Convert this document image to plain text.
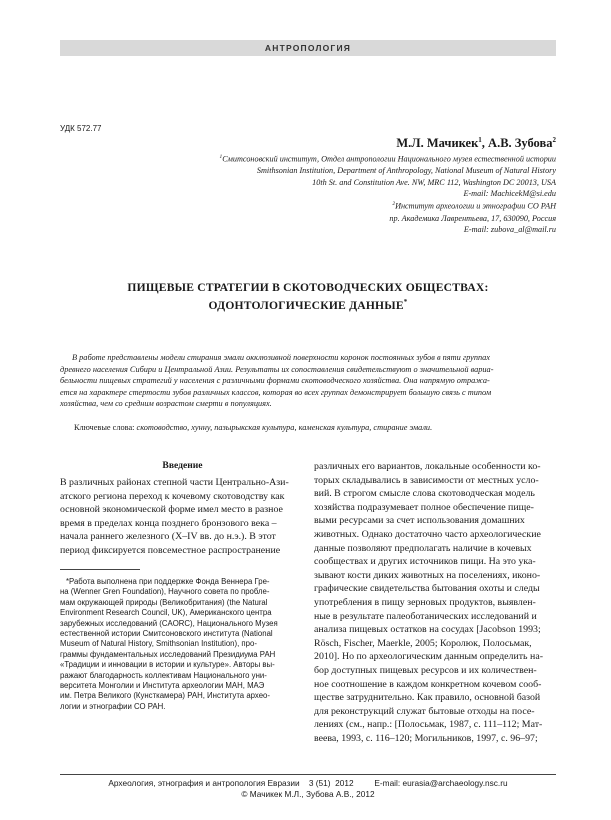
АНТРОПОЛОГИЯ
УДК 572.77
М.Л. Мачикек$^1$, А.В. Зубова$^2$
$^1$Смитсоновский институт, Отдел антропологии Национального музея естественной истории
Smithsonian Institution, Department of Anthropology, National Museum of Natural History
10th St. and Constitution Ave. NW, MRC 112, Washington DC 20013, USA
E-mail: MachicekM@si.edu
$^2$Институт археологии и этнографии СО РАН
пр. Академика Лаврентьева, 17, 630090, Россия
E-mail: zubova_al@mail.ru
ПИЩЕВЫЕ СТРАТЕГИИ В СКОТОВОДЧЕСКИХ ОБЩЕСТВАХ:
ОДОНТОЛОГИЧЕСКИЕ ДАННЫЕ*
В работе представлены модели стирания эмали окклюзивной поверхности коронок постоянных зубов в пяти группах
древнего населения Сибири и Центральной Азии. Результаты их сопоставления свидетельствуют о значительной вариа-
бельности пищевых стратегий у населения с различными формами скотоводческого хозяйства. Она напрямую отража-
ется на характере стертости зубов различных классов, которая во всех группах демонстрирует большую связь с типом
хозяйства, чем со средним возрастом смерти в популяциях.
Ключевые слова: скотоводство, хунну, пазырыкская культура, каменская культура, стирание эмали.
Введение
В различных районах степной части Центрально-Ази-
атского региона переход к кочевому скотоводству как
основной экономической форме имел место в разное
время в пределах конца позднего бронзового века –
начала раннего железного (X–IV вв. до н.э.). В этот
период фиксируется повсеместное распространение
*Работа выполнена при поддержке Фонда Веннера Гре-
на (Wenner Gren Foundation), Научного совета по пробле-
мам окружающей природы (Великобритания) (the Natural
Environment Research Council, UK), Американского центра
зарубежных исследований (CAORC), Национального Музея
естественной истории Смитсоновского института (National
Museum of Natural History, Smithsonian Institution), про-
граммы фундаментальных исследований Президиума РАН
«Традиции и инновации в истории и культуре». Авторы вы-
ражают благодарность коллективам Национального уни-
верситета Монголии и Института археологии МАН, МАЭ
им. Петра Великого (Кунсткамера) РАН, Института архео-
логии и этнографии СО РАН.
различных его вариантов, локальные особенности ко-
торых складывались в зависимости от местных усло-
вий. В строгом смысле слова скотоводческая модель
хозяйства подразумевает полное обеспечение пище-
выми ресурсами за счет использования домашних
животных. Однако достаточно часто археологические
данные позволяют предполагать наличие в кочевых
сообществах и других источников пищи. На это ука-
зывают кости диких животных на поселениях, иконо-
графические свидетельства бытования охоты и следы
употребления в пищу зерновых продуктов, выявлен-
ные в результате палеоботанических исследований и
анализа пищевых остатков на сосудах [Jacobson 1993;
Rösch, Fischer, Maerkle, 2005; Королюк, Полосьмак,
2010]. Но по археологическим данным определить на-
бор доступных пищевых ресурсов и их количествен-
ное соотношение в каждом конкретном кочевом сооб-
ществе затруднительно. Как правило, основной базой
для реконструкций служат бытовые отходы на посе-
лениях (см., напр.: [Полосьмак, 1987, с. 111–112; Мат-
веева, 1993, с. 116–120; Могильников, 1997, с. 96–97;
Археология, этнография и антропология Евразии    3 (51)  2012         E-mail: eurasia@archaeology.nsc.ru
© Мачикек М.Л., Зубова А.В., 2012
